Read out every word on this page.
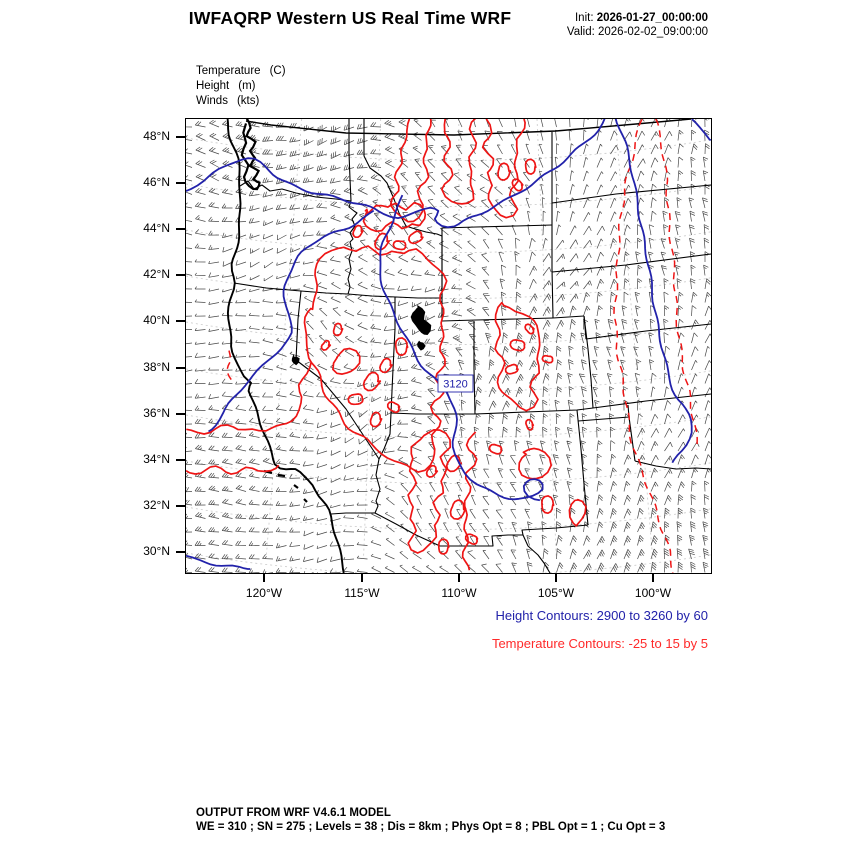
IWFAQRP Western US Real Time WRF	Init: 2026-01-27_00:00:00
Valid: 2026-02-02_09:00:00
Temperature (C)
Height (m)
Winds (kts)
3120
48°N
46°N
44°N
42°N
40°N
38°N
36°N
34°N
32°N
30°N
120°W	115°W	110°W	105°W	100°W
Height Contours: 2900 to 3260 by 60
Temperature Contours: -25 to 15 by 5
OUTPUT FROM WRF V4.6.1 MODEL
WE = 310 ; SN = 275 ; Levels = 38 ; Dis = 8km ; Phys Opt = 8 ; PBL Opt = 1 ; Cu Opt = 3
